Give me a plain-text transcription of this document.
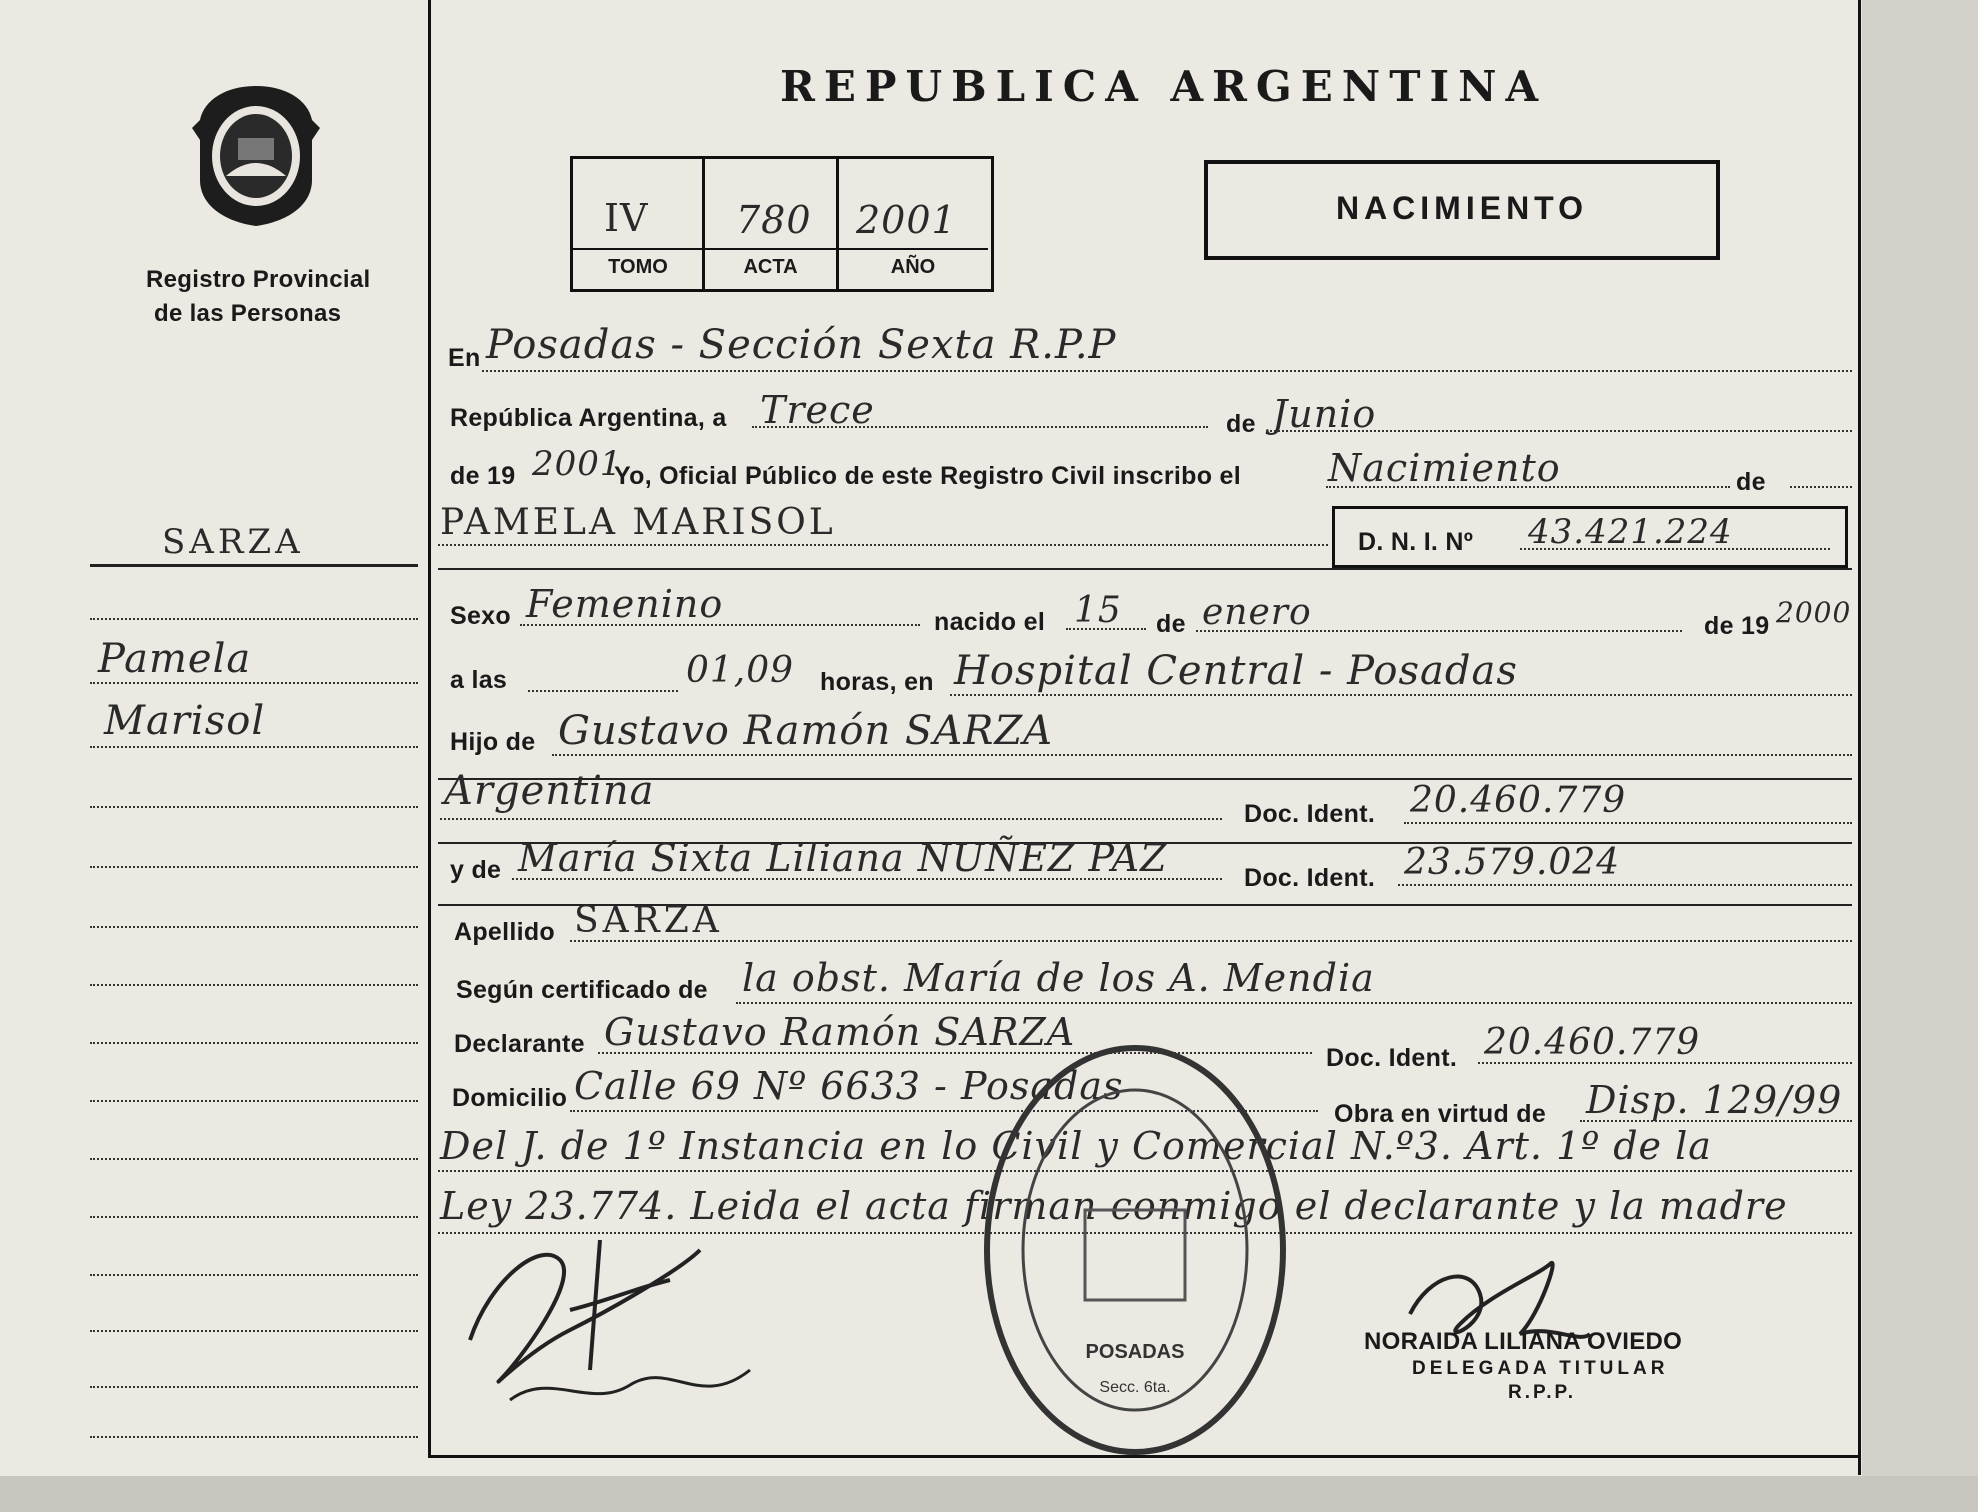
Registro Provincial
de las Personas
SARZA
Pamela
Marisol
REPUBLICA ARGENTINA
IV 780 2001
TOMO	ACTA	AÑO
NACIMIENTO
En Posadas - Sección Sexta R.P.P
República Argentina, a Trece	de Junio
de 19 2001
Yo, Oficial Público de este Registro Civil inscribo el Nacimiento	de
PAMELA MARISOL	D. N. I. Nº 43.421.224
Sexo Femenino	nacido el 15 de enero	de 19 2000
a las	01,09 horas, en Hospital Central - Posadas
Hijo de Gustavo Ramón SARZA
Argentina	Doc. Ident. 20.460.779
y de María Sixta Liliana NUÑEZ PAZ	Doc. Ident. 23.579.024
Apellido SARZA
Según certificado de la obst. María de los A. Mendia
Declarante Gustavo Ramón SARZA
Doc. Ident. 20.460.779
Domicilio Calle 69 Nº 6633 - Posadas
Obra en virtud de Disp. 129/99
Del J. de 1º Instancia en lo Civil y Comercial N.º3. Art. 1º de la
Ley 23.774. Leida el acta firman conmigo el declarante y la madre
POSADAS
Secc. 6ta.
NORAIDA LILIANA OVIEDO
DELEGADA TITULAR
R.P.P.
